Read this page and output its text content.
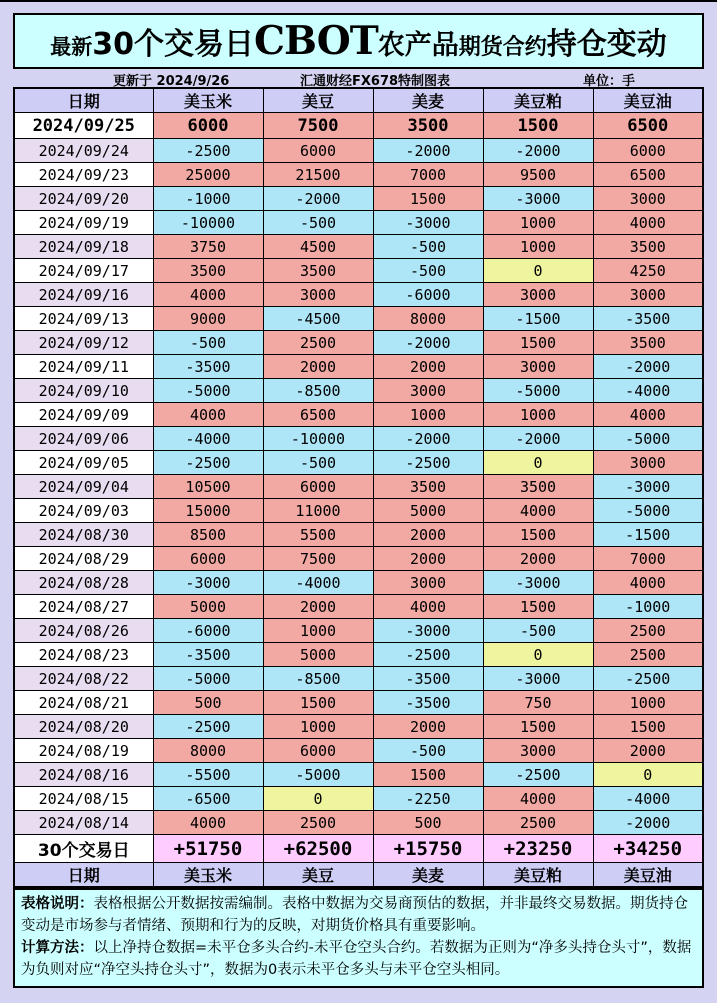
最新 30个交易日 CBOT 农产品 期货合约 持仓变动
更新于 2024/9/26	汇通财经FX678特制图表	单位：手
日期	美玉米	美豆	美麦	美豆粕	美豆油
2024/09/25	6000	7500	3500	1500	6500
2024/09/24	-2500	6000	-2000	-2000	6000
2024/09/23	25000	21500	7000	9500	6500
2024/09/20	-1000	-2000	1500	-3000	3000
2024/09/19	-10000	-500	-3000	1000	4000
2024/09/18	3750	4500	-500	1000	3500
2024/09/17	3500	3500	-500	0	4250
2024/09/16	4000	3000	-6000	3000	3000
2024/09/13	9000	-4500	8000	-1500	-3500
2024/09/12	-500	2500	-2000	1500	3500
2024/09/11	-3500	2000	2000	3000	-2000
2024/09/10	-5000	-8500	3000	-5000	-4000
2024/09/09	4000	6500	1000	1000	4000
2024/09/06	-4000	-10000	-2000	-2000	-5000
2024/09/05	-2500	-500	-2500	0	3000
2024/09/04	10500	6000	3500	3500	-3000
2024/09/03	15000	11000	5000	4000	-5000
2024/08/30	8500	5500	2000	1500	-1500
2024/08/29	6000	7500	2000	2000	7000
2024/08/28	-3000	-4000	3000	-3000	4000
2024/08/27	5000	2000	4000	1500	-1000
2024/08/26	-6000	1000	-3000	-500	2500
2024/08/23	-3500	5000	-2500	0	2500
2024/08/22	-5000	-8500	-3500	-3000	-2500
2024/08/21	500	1500	-3500	750	1000
2024/08/20	-2500	1000	2000	1500	1500
2024/08/19	8000	6000	-500	3000	2000
2024/08/16	-5500	-5000	1500	-2500	0
2024/08/15	-6500	0	-2250	4000	-4000
2024/08/14	4000	2500	500	2500	-2000
30个交易日	+51750	+62500	+15750	+23250	+34250
日期	美玉米	美豆	美麦	美豆粕	美豆油

表格说明：表格根据公开数据按需编制。表格中数据为交易商预估的数据，并非最终交易数据。期货持仓变动是市场参与者情绪、预期和行为的反映，对期货价格具有重要影响。

计算方法：以上净持仓数据=未平仓多头合约-未平仓空头合约。若数据为正则为“净多头持仓头寸”，数据为负则对应“净空头持仓头寸”，数据为0表示未平仓多头与未平仓空头相同。
